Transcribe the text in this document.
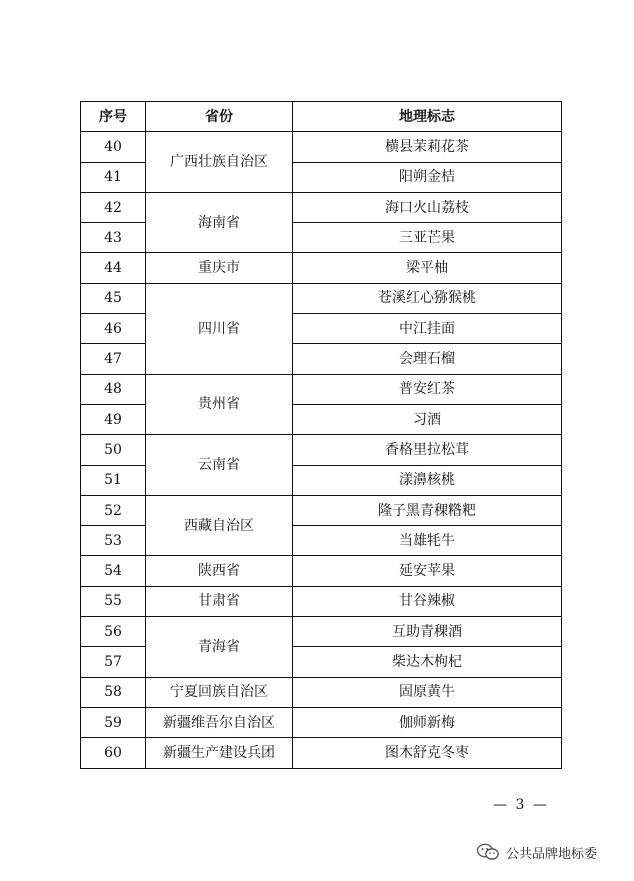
序号	省份	地理标志
40	广西壮族自治区	横县茉莉花茶
41		阳朔金桔
42	海南省	海口火山荔枝
43		三亚芒果
44	重庆市	梁平柚
45	四川省	苍溪红心猕猴桃
46		中江挂面
47		会理石榴
48	贵州省	普安红茶
49		习酒
50	云南省	香格里拉松茸
51		漾濞核桃
52	西藏自治区	隆子黑青稞糌粑
53		当雄牦牛
54	陕西省	延安苹果
55	甘肃省	甘谷辣椒
56	青海省	互助青稞酒
57		柴达木枸杞
58	宁夏回族自治区	固原黄牛
59	新疆维吾尔自治区	伽师新梅
60	新疆生产建设兵团	图木舒克冬枣
— 3 —
公共品牌地标委
